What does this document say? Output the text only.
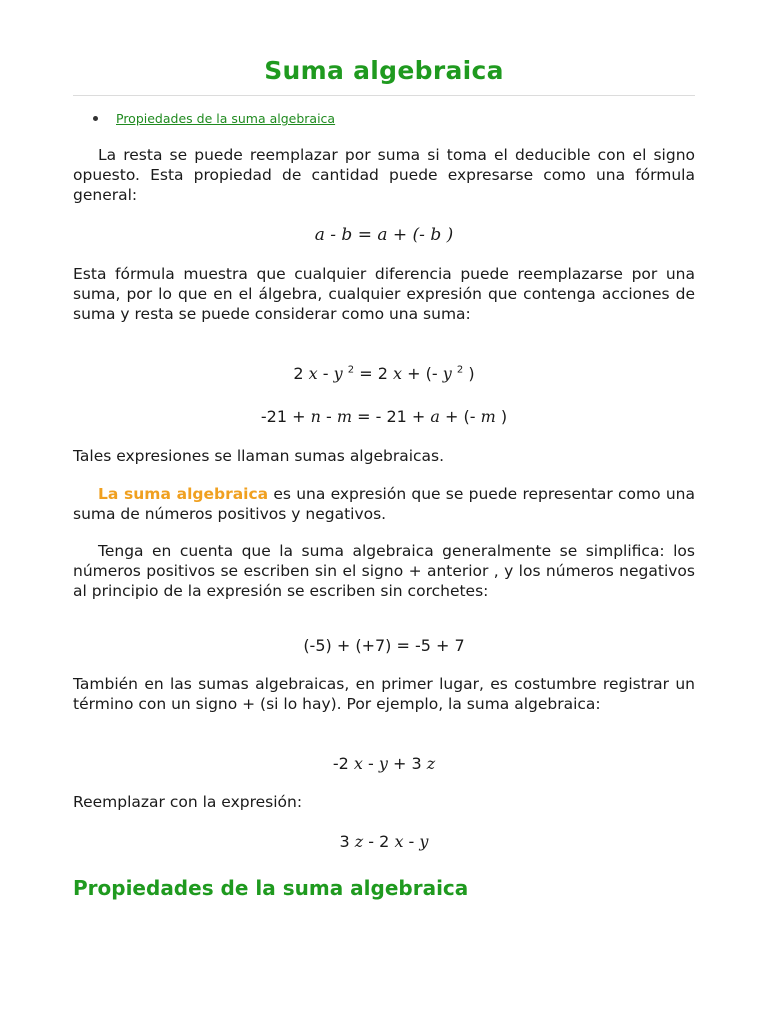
Suma algebraica
Propiedades de la suma algebraica

La resta se puede reemplazar por suma si toma el deducible con el signo opuesto. Esta propiedad de cantidad puede expresarse como una fórmula general:

a - b = a + (- b )

Esta fórmula muestra que cualquier diferencia puede reemplazarse por una suma, por lo que en el álgebra, cualquier expresión que contenga acciones de suma y resta se puede considerar como una suma:

2 x - y $^2$ = 2 x + (- y $^2$ )

-21 + n - m = - 21 + a + (- m )

Tales expresiones se llaman sumas algebraicas.

La suma algebraica es una expresión que se puede representar como una suma de números positivos y negativos.

Tenga en cuenta que la suma algebraica generalmente se simplifica: los números positivos se escriben sin el signo + anterior , y los números negativos al principio de la expresión se escriben sin corchetes:

(-5) + (+7) = -5 + 7

También en las sumas algebraicas, en primer lugar, es costumbre registrar un término con un signo + (si lo hay). Por ejemplo, la suma algebraica:

-2 x - y + 3 z

Reemplazar con la expresión:

3 z - 2 x - y

Propiedades de la suma algebraica
